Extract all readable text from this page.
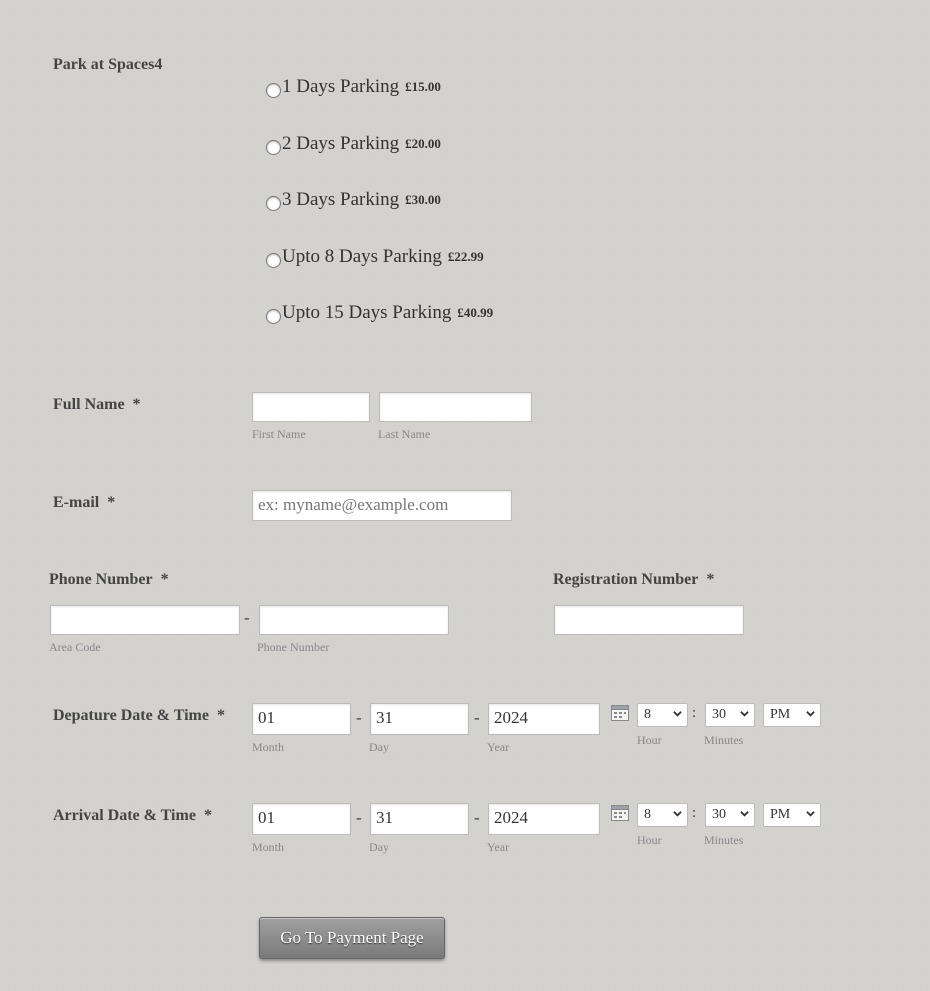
Park at Spaces4
1 Days Parking £15.00
2 Days Parking £20.00
3 Days Parking £30.00
Upto 8 Days Parking £22.99
Upto 15 Days Parking £40.99
Full Name *
First Name	Last Name
E-mail *	ex: myname@example.com
Phone Number *
-
Area Code	Phone Number
Registration Number *
Depature Date & Time *	01	- 31	- 2024
Month	Day	Year
8	:	30	PM
Hour	Minutes
Arrival Date & Time *	01	- 31	- 2024
Month	Day	Year
8	:	30	PM
Hour	Minutes
Go To Payment Page
